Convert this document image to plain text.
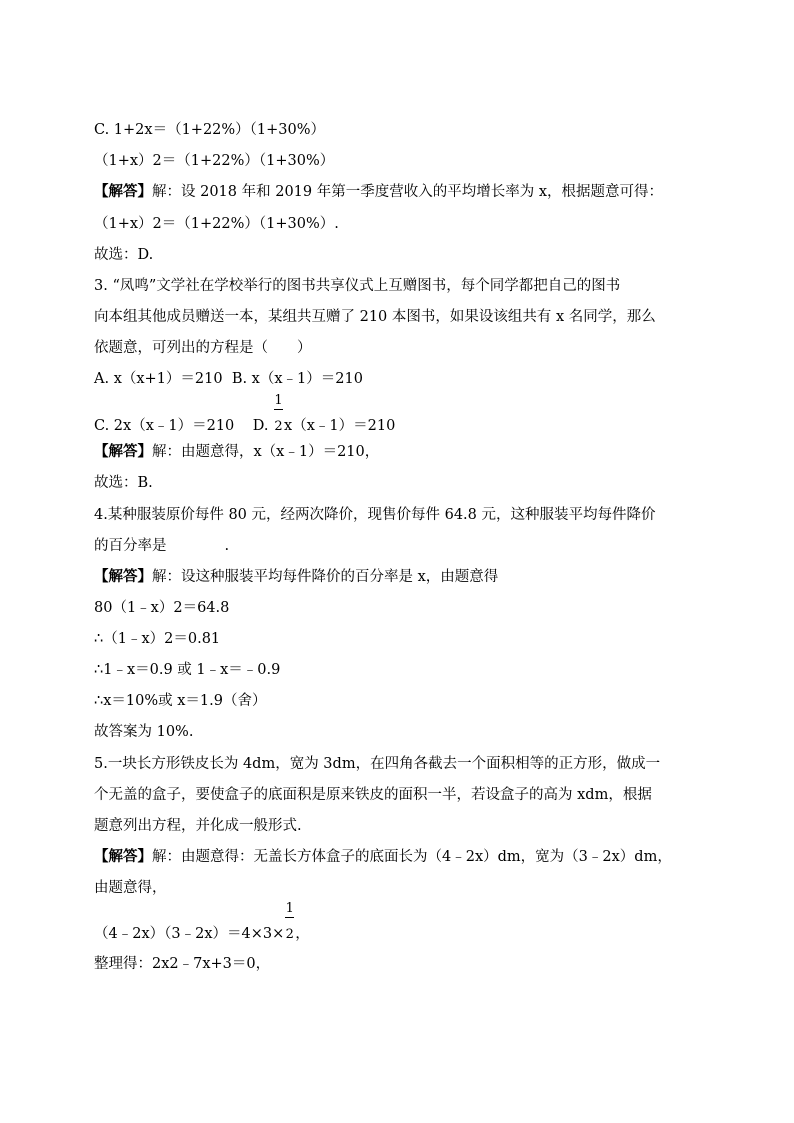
C. 1+2x＝（1+22%）（1+30%）
（1+x）2＝（1+22%）（1+30%）
【解答】解：设 2018 年和 2019 年第一季度营收入的平均增长率为 x，根据题意可得：
（1+x）2＝（1+22%）（1+30%）.
故选：D.
3. “凤鸣”文学社在学校举行的图书共享仪式上互赠图书，每个同学都把自己的图书
向本组其他成员赠送一本，某组共互赠了 210 本图书，如果设该组共有 x 名同学，那么
依题意，可列出的方程是（　　）
A. x（x+1）＝210  B. x（x﹣1）＝210
C. 2x（x﹣1）＝210    D. $\frac{1}{2}x(x﹣1)=210$
【解答】解：由题意得，x（x﹣1）＝210，
故选：B.
4.某种服装原价每件 80 元，经两次降价，现售价每件 64.8 元，这种服装平均每件降价
的百分率是　　　　.
【解答】解：设这种服装平均每件降价的百分率是 x，由题意得
80（1﹣x）2＝64.8
∴（1﹣x）2＝0.81
∴1﹣x＝0.9 或 1﹣x＝﹣0.9
∴x＝10%或 x＝1.9（舍）
故答案为 10%.
5.一块长方形铁皮长为 4dm，宽为 3dm，在四角各截去一个面积相等的正方形，做成一
个无盖的盒子，要使盒子的底面积是原来铁皮的面积一半，若设盒子的高为 xdm，根据
题意列出方程，并化成一般形式.
【解答】解：由题意得：无盖长方体盒子的底面长为（4﹣2x）dm，宽为（3﹣2x）dm，
由题意得，
（4﹣2x）（3﹣2x）＝4×3× $\frac{1}{2}$，
整理得：2x2﹣7x+3＝0，
